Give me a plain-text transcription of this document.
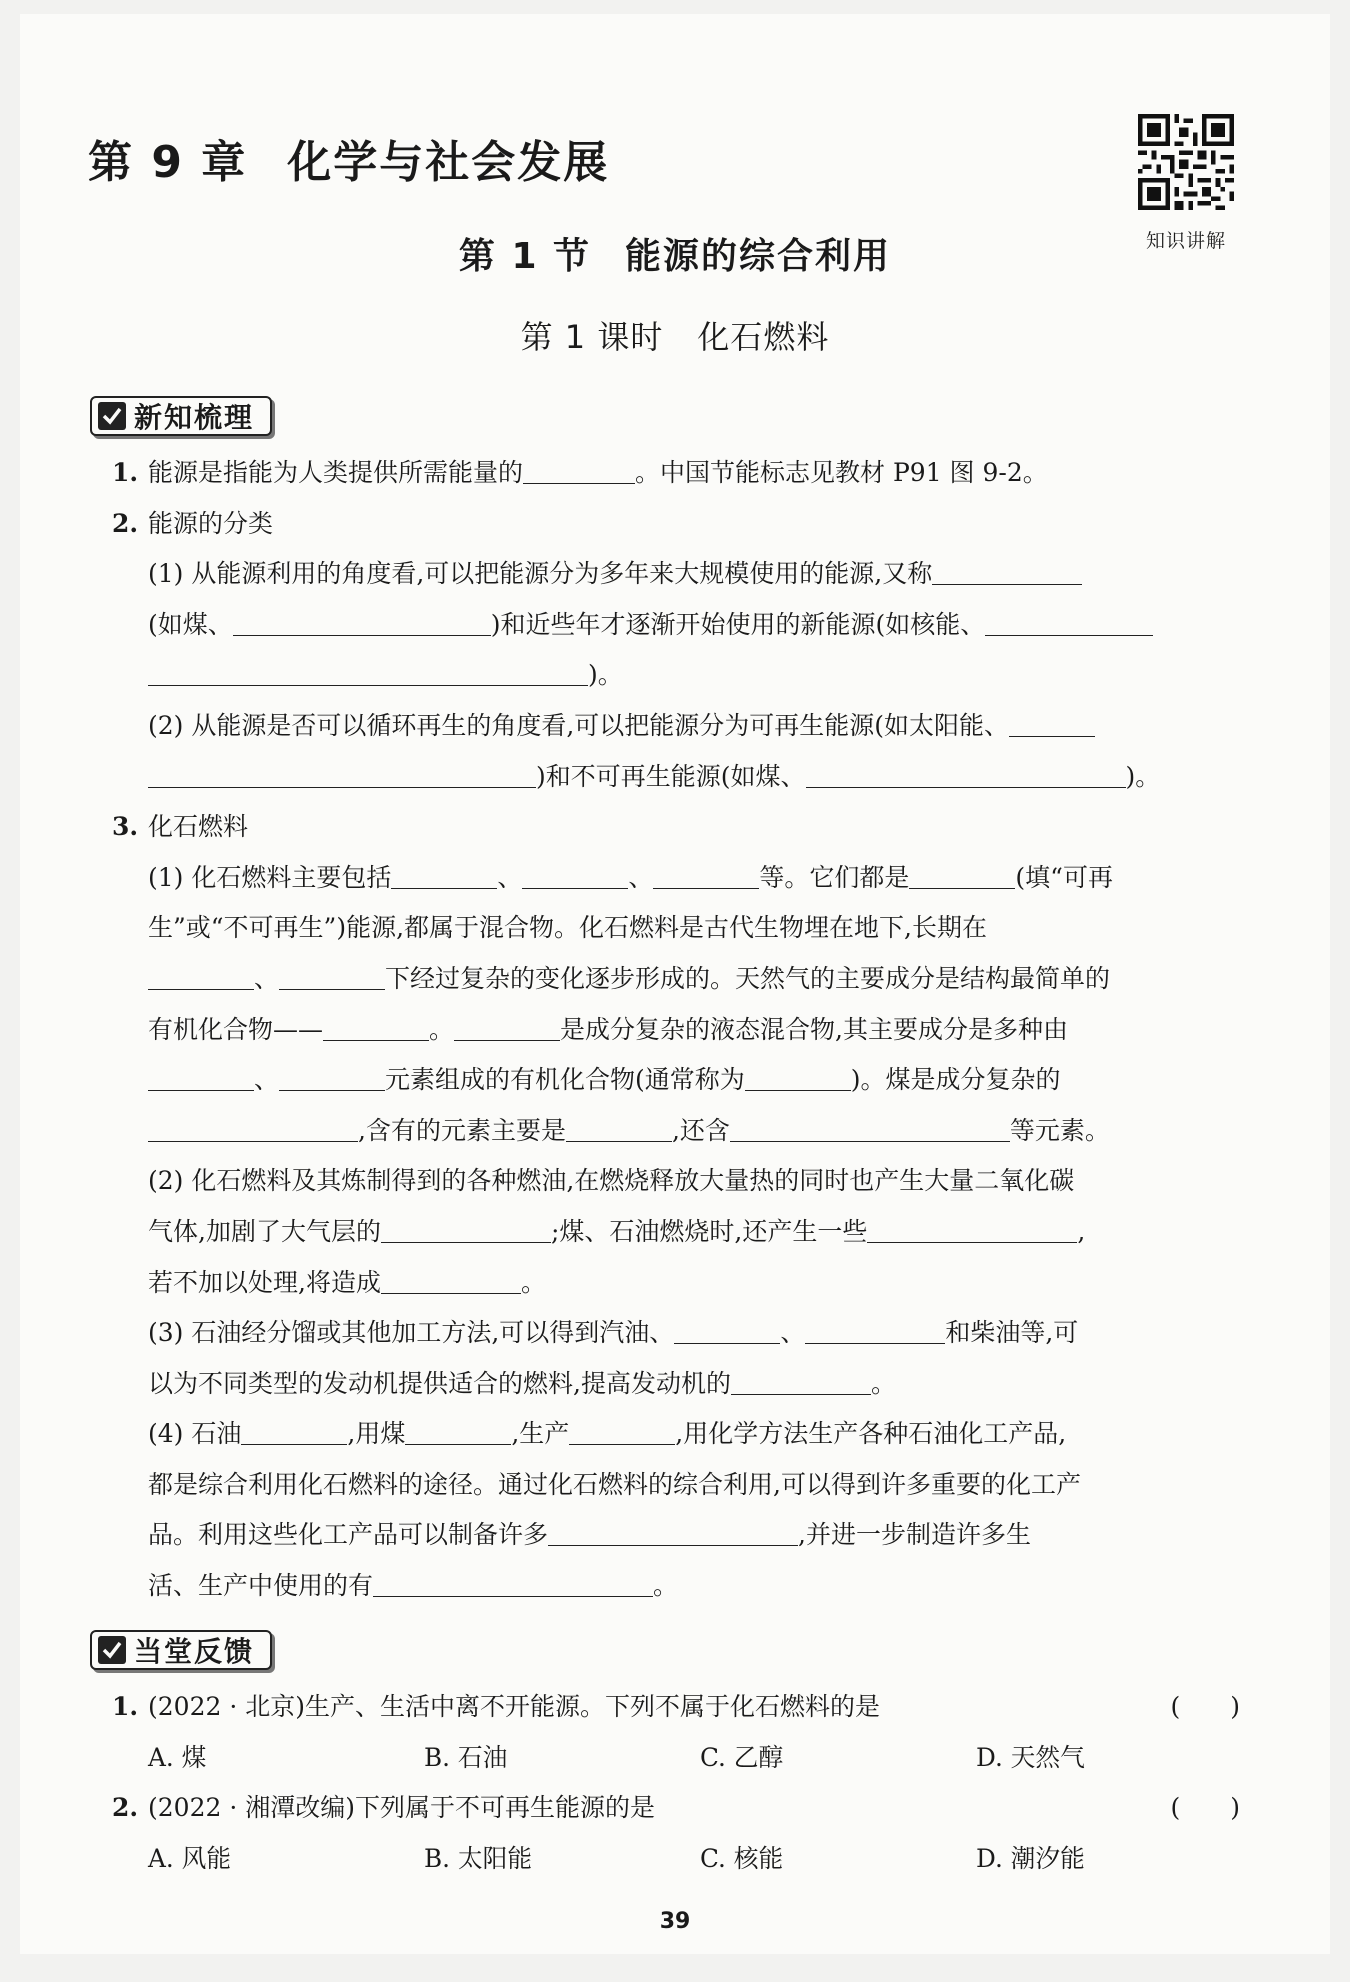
第 9 章 化学与社会发展
知识讲解
第 1 节 能源的综合利用
第 1 课时 化石燃料
新知梳理
1. 能源是指能为人类提供所需能量的	。中国节能标志见教材 P91 图 9-2。
2. 能源的分类
(1) 从能源利用的角度看,可以把能源分为多年来大规模使用的能源,又称
(如煤、	)和近些年才逐渐开始使用的新能源(如核能、
)。
(2) 从能源是否可以循环再生的角度看,可以把能源分为可再生能源(如太阳能、
)和不可再生能源(如煤、	)。
3. 化石燃料
(1) 化石燃料主要包括	、	、	等。它们都是	(填“可再
生”或“不可再生”)能源,都属于混合物。化石燃料是古代生物埋在地下,长期在
、	下经过复杂的变化逐步形成的。天然气的主要成分是结构最简单的
有机化合物——	。	是成分复杂的液态混合物,其主要成分是多种由
、	元素组成的有机化合物(通常称为	)。煤是成分复杂的
,含有的元素主要是	,还含	等元素。
(2) 化石燃料及其炼制得到的各种燃油,在燃烧释放大量热的同时也产生大量二氧化碳
气体,加剧了大气层的	;煤、石油燃烧时,还产生一些	,
若不加以处理,将造成	。
(3) 石油经分馏或其他加工方法,可以得到汽油、	、	和柴油等,可
以为不同类型的发动机提供适合的燃料,提高发动机的	。
(4) 石油	,用煤	,生产	,用化学方法生产各种石油化工产品,
都是综合利用化石燃料的途径。通过化石燃料的综合利用,可以得到许多重要的化工产
品。利用这些化工产品可以制备许多	,并进一步制造许多生
活、生产中使用的有	。
当堂反馈
1. (2022 · 北京)生产、生活中离不开能源。下列不属于化石燃料的是	(　　)
A. 煤	B. 石油	C. 乙醇	D. 天然气
2. (2022 · 湘潭改编)下列属于不可再生能源的是	(　　)
A. 风能	B. 太阳能	C. 核能	D. 潮汐能
39
